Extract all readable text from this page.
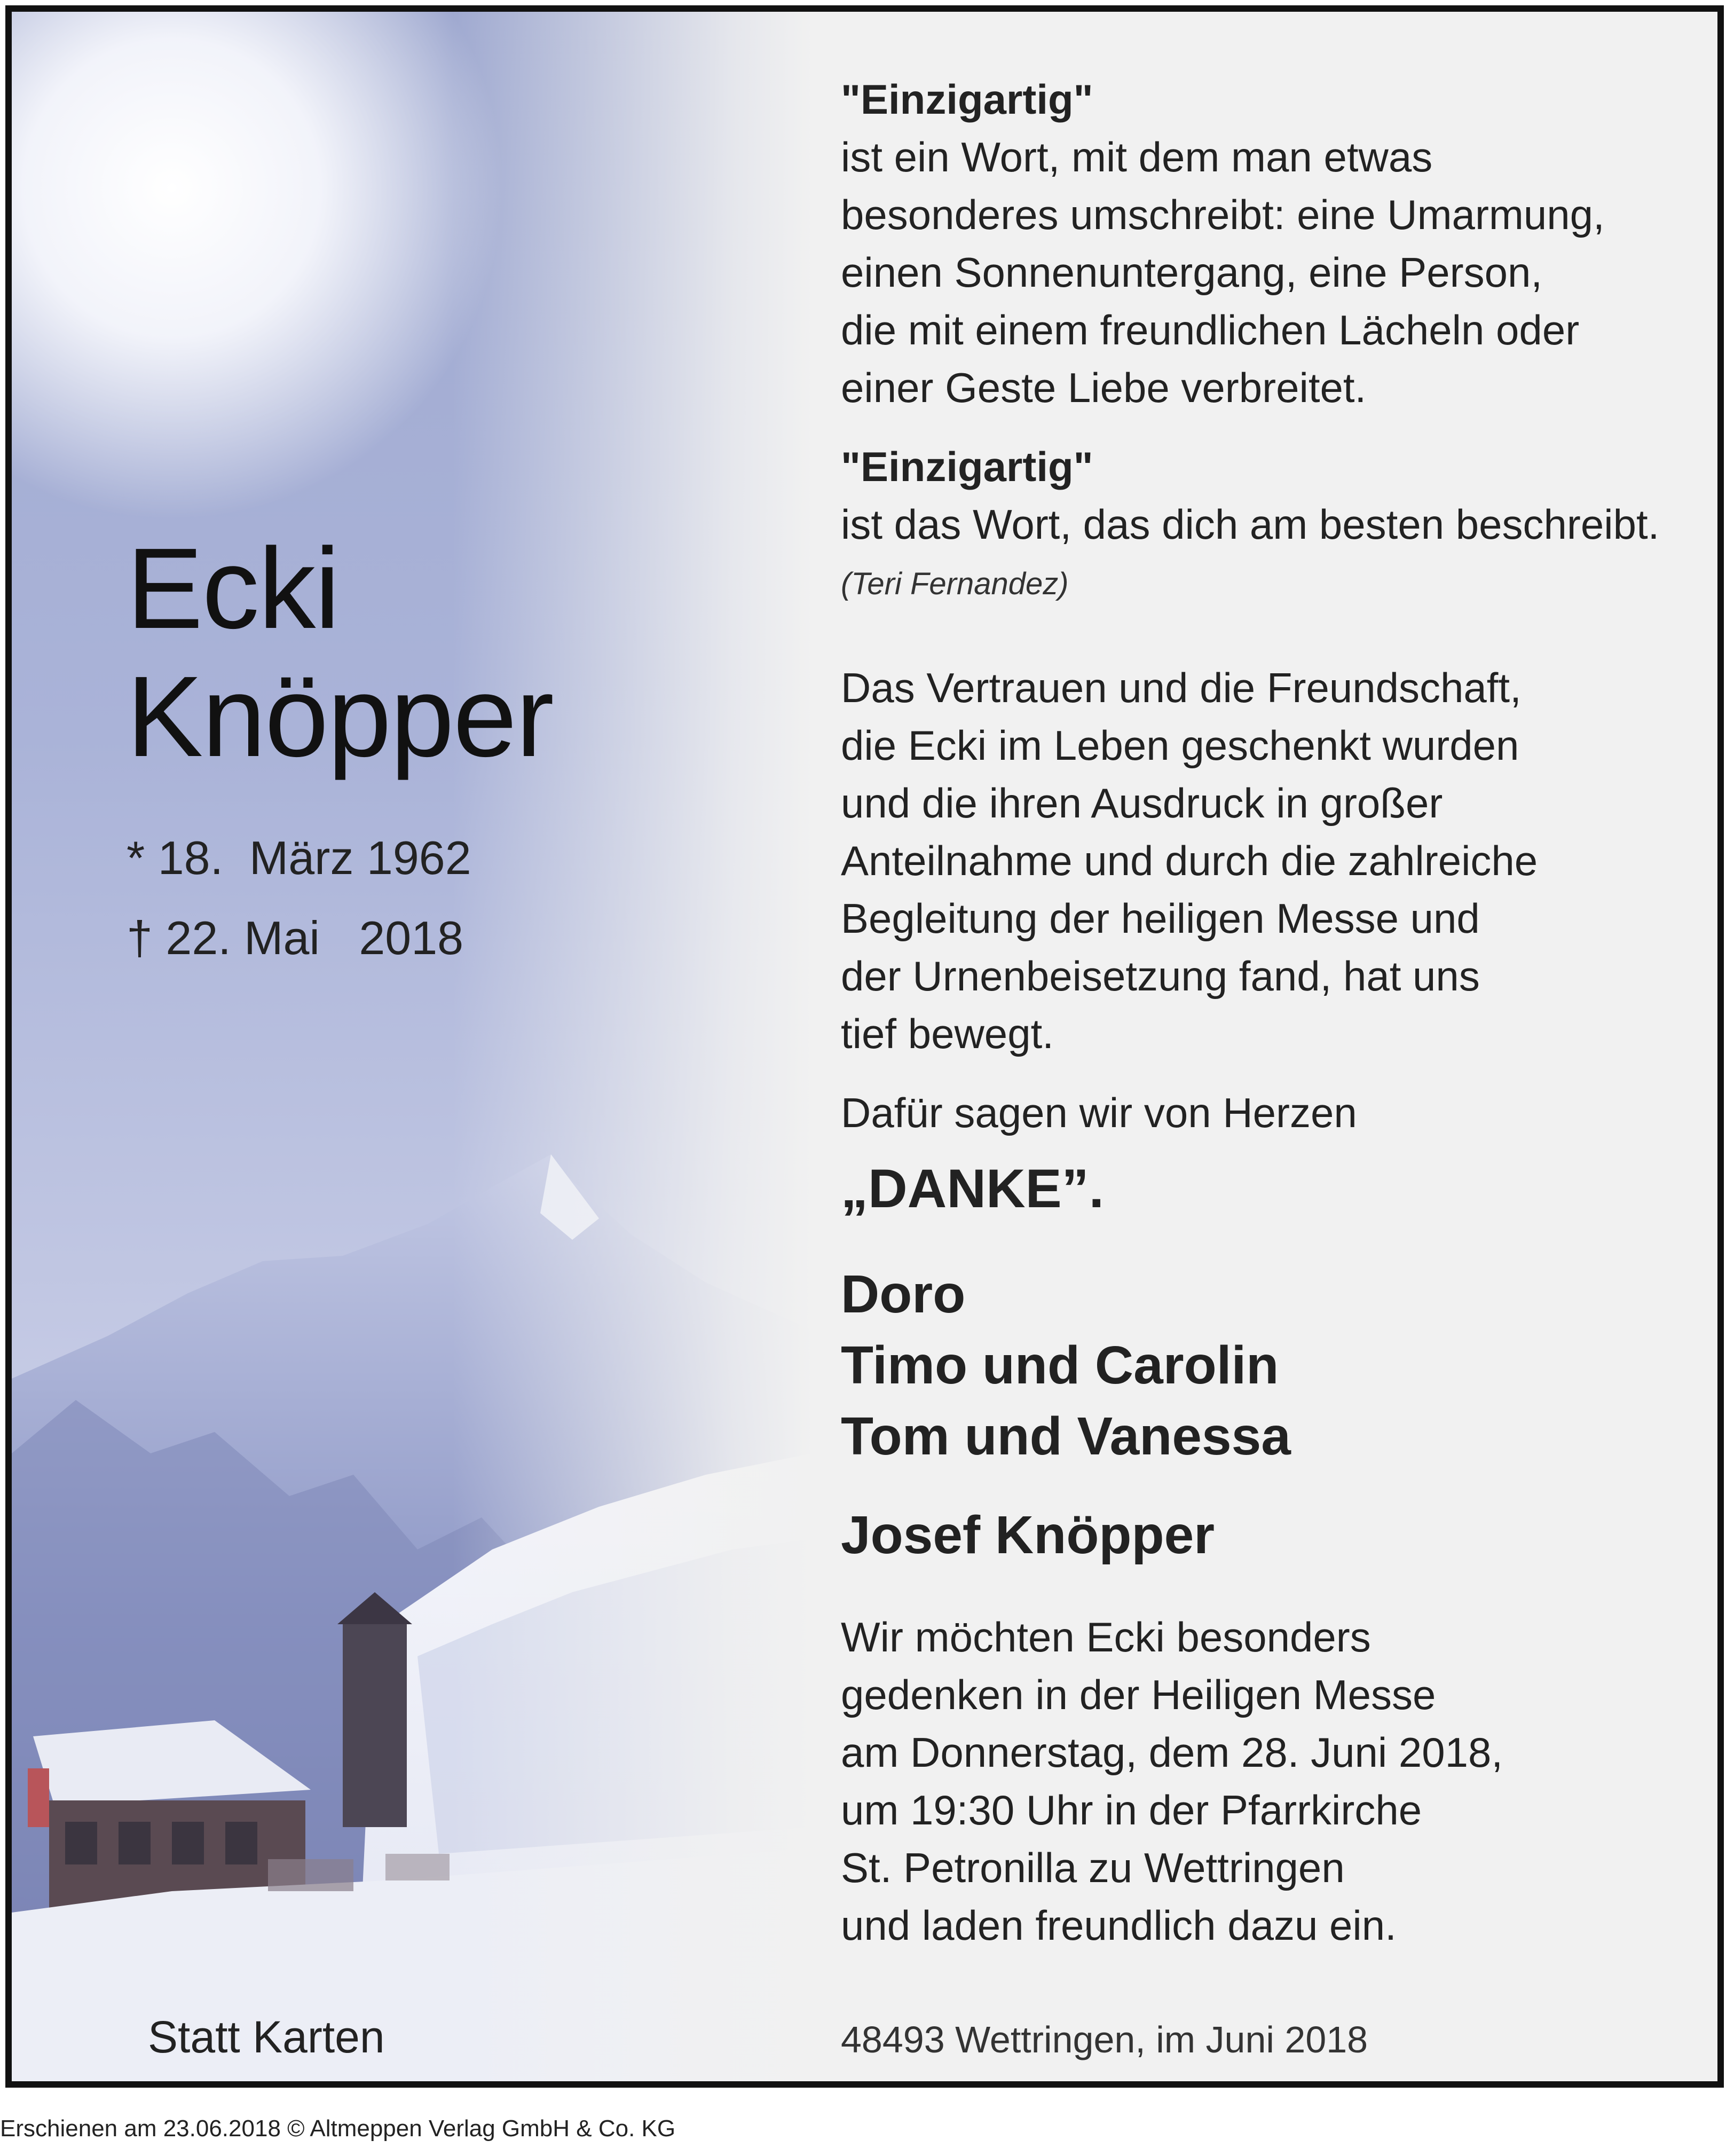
Ecki
Knöpper
* 18.  März 1962
† 22. Mai   2018
Statt Karten
"Einzigartig"
ist ein Wort, mit dem man etwas
besonderes umschreibt: eine Umarmung,
einen Sonnenuntergang, eine Person,
die mit einem freundlichen Lächeln oder
einer Geste Liebe verbreitet.
"Einzigartig"
ist das Wort, das dich am besten beschreibt.
(Teri Fernandez)
Das Vertrauen und die Freundschaft,
die Ecki im Leben geschenkt wurden
und die ihren Ausdruck in großer
Anteilnahme und durch die zahlreiche
Begleitung der heiligen Messe und
der Urnenbeisetzung fand, hat uns
tief bewegt.
Dafür sagen wir von Herzen
„DANKE”.
Doro
Timo und Carolin
Tom und Vanessa
Josef Knöpper
Wir möchten Ecki besonders
gedenken in der Heiligen Messe
am Donnerstag, dem 28. Juni 2018,
um 19:30 Uhr in der Pfarrkirche
St. Petronilla zu Wettringen
und laden freundlich dazu ein.
48493 Wettringen, im Juni 2018
Erschienen am 23.06.2018 © Altmeppen Verlag GmbH & Co. KG
